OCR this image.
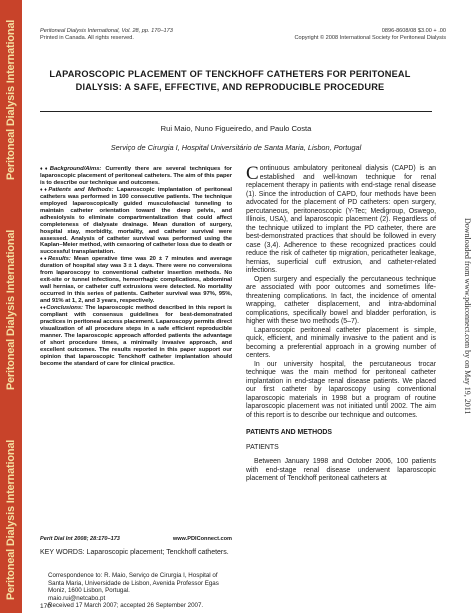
Peritoneal Dialysis International
Peritoneal Dialysis International
Peritoneal Dialysis International
Downloaded from www.pdiconnect.com by on May 19, 2011
Peritoneal Dialysis International, Vol. 28, pp. 170–173
Printed in Canada. All rights reserved.
0896-8608/08 $3.00 + .00
Copyright © 2008 International Society for Peritoneal Dialysis
LAPAROSCOPIC PLACEMENT OF TENCKHOFF CATHETERS FOR PERITONEAL
DIALYSIS: A SAFE, EFFECTIVE, AND REPRODUCIBLE PROCEDURE
Rui Maio, Nuno Figueiredo, and Paulo Costa
Serviço de Cirurgia I, Hospital Universitário de Santa Maria, Lisbon, Portugal

♦♦Background/Aims: Currently there are several techniques for laparoscopic placement of peritoneal catheters. The aim of this paper is to describe our technique and outcomes.

♦♦Patients and Methods: Laparoscopic implantation of peritoneal catheters was performed in 100 consecutive patients. The technique employed laparoscopically guided musculofascial tunneling to maintain catheter orientation toward the deep pelvis, and adhesiolysis to eliminate compartmentalization that could affect completeness of dialysate drainage. Mean duration of surgery, hospital stay, morbidity, mortality, and catheter survival were assessed. Analysis of catheter survival was performed using the Kaplan–Meier method, with censoring of catheter loss due to death or successful transplantation.

♦♦Results: Mean operative time was 20 ± 7 minutes and average duration of hospital stay was 3 ± 1 days. There were no conversions from laparoscopy to conventional catheter insertion methods. No exit-site or tunnel infections, hemorrhagic complications, abdominal wall hernias, or catheter cuff extrusions were detected. No mortality occurred in this series of patients. Catheter survival was 97%, 95%, and 91% at 1, 2, and 3 years, respectively.

♦♦Conclusions: The laparoscopic method described in this report is compliant with consensus guidelines for best-demonstrated practices in peritoneal access placement. Laparoscopy permits direct visualization of all procedure steps in a safe efficient reproducible manner. The laparoscopic approach afforded patients the advantage of short procedure times, a minimally invasive approach, and excellent outcomes. The results reported in this paper support our opinion that laparoscopic Tenckhoff catheter implantation should become the standard of care for clinical practice.

Perit Dial Int 2008; 28:170–173	www.PDIConnect.com
KEY WORDS: Laparoscopic placement; Tenckhoff catheters.

Correspondence to: R. Maio, Serviço de Cirurgia I, Hospital of Santa Maria, Universidade de Lisbon, Avenida Professor Egas Moniz, 1600 Lisbon, Portugal.

maio.rui@netcabo.pt

Received 17 March 2007; accepted 26 September 2007.

170

Continuous ambulatory peritoneal dialysis (CAPD) is an established and well-known technique for renal replacement therapy in patients with end-stage renal disease (1). Since the introduction of CAPD, four methods have been advocated for the placement of PD catheters: open surgery, percutaneous, peritoneoscopic (Y-Tec; Medigroup, Oswego, Illinois, USA), and laparoscopic placement (2). Regardless of the technique utilized to implant the PD catheter, there are best-demonstrated practices that should be followed in every case (3,4). Adherence to these recognized practices could reduce the risk of catheter tip migration, pericatheter leakage, hernias, superficial cuff extrusion, and catheter-related infections.

Open surgery and especially the percutaneous technique are associated with poor outcomes and sometimes life-threatening complications. In fact, the incidence of omental wrapping, catheter displacement, and intra-abdominal complications, specifically bowel and bladder perforation, is higher with these two methods (5–7).

Laparoscopic peritoneal catheter placement is simple, quick, efficient, and minimally invasive to the patient and is becoming a preferential approach in a growing number of centers.

In our university hospital, the percutaneous trocar technique was the main method for peritoneal catheter implantation in end-stage renal disease patients. We placed our first catheter by laparoscopy using conventional laparoscopic materials in 1998 but a program of routine laparoscopic placement was not initiated until 2002. The aim of this report is to describe our technique and outcomes.

PATIENTS AND METHODS

PATIENTS

Between January 1998 and October 2006, 100 patients with end-stage renal disease underwent laparoscopic placement of Tenckhoff peritoneal catheters at
